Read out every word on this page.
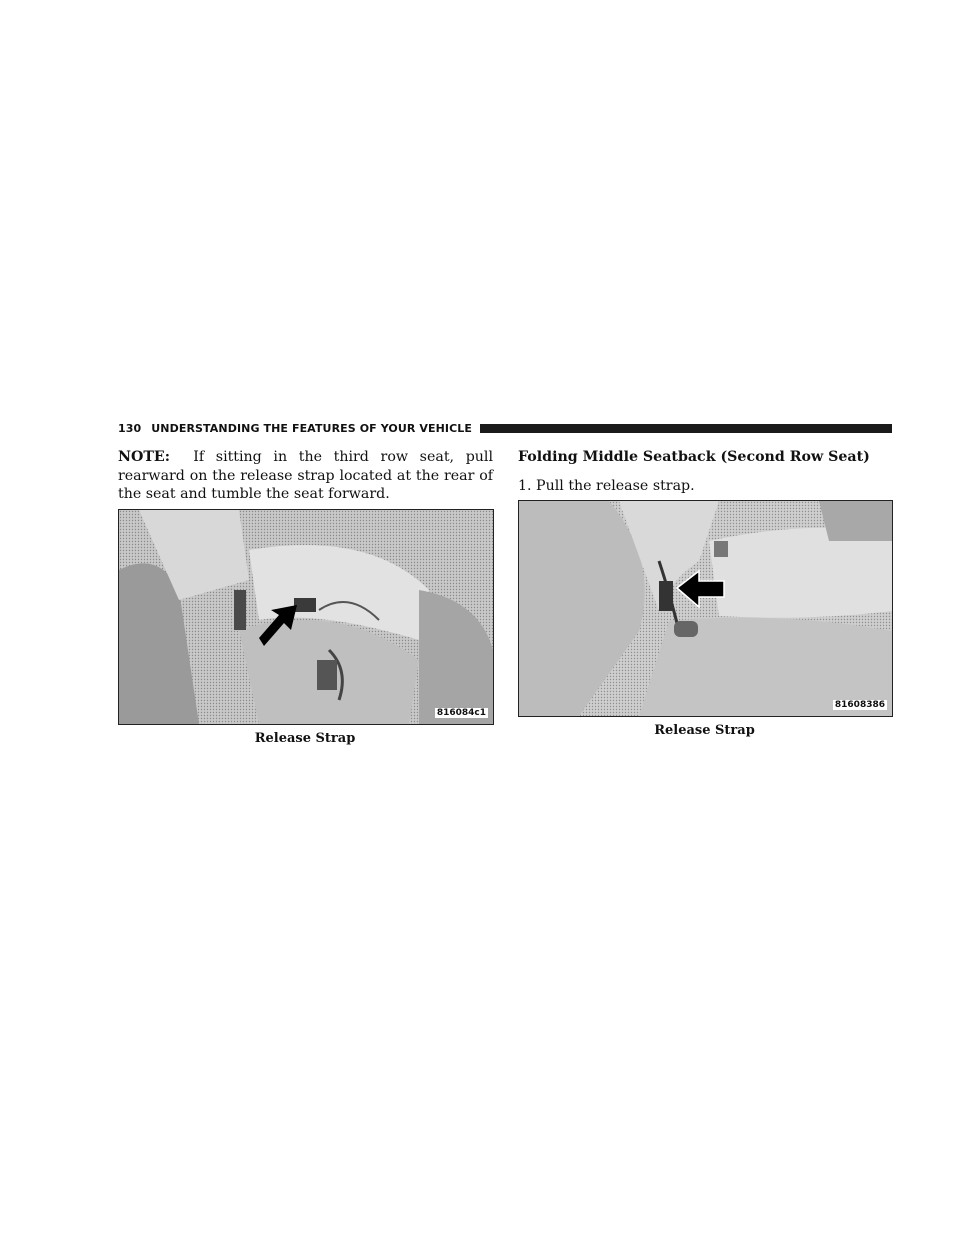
130 UNDERSTANDING THE FEATURES OF YOUR VEHICLE

NOTE: If sitting in the third row seat, pull rearward on the release strap located at the rear of the seat and tumble the seat forward.

Folding Middle Seatback (Second Row Seat)

1. Pull the release strap.

816084c1
Release Strap
81608386
Release Strap
